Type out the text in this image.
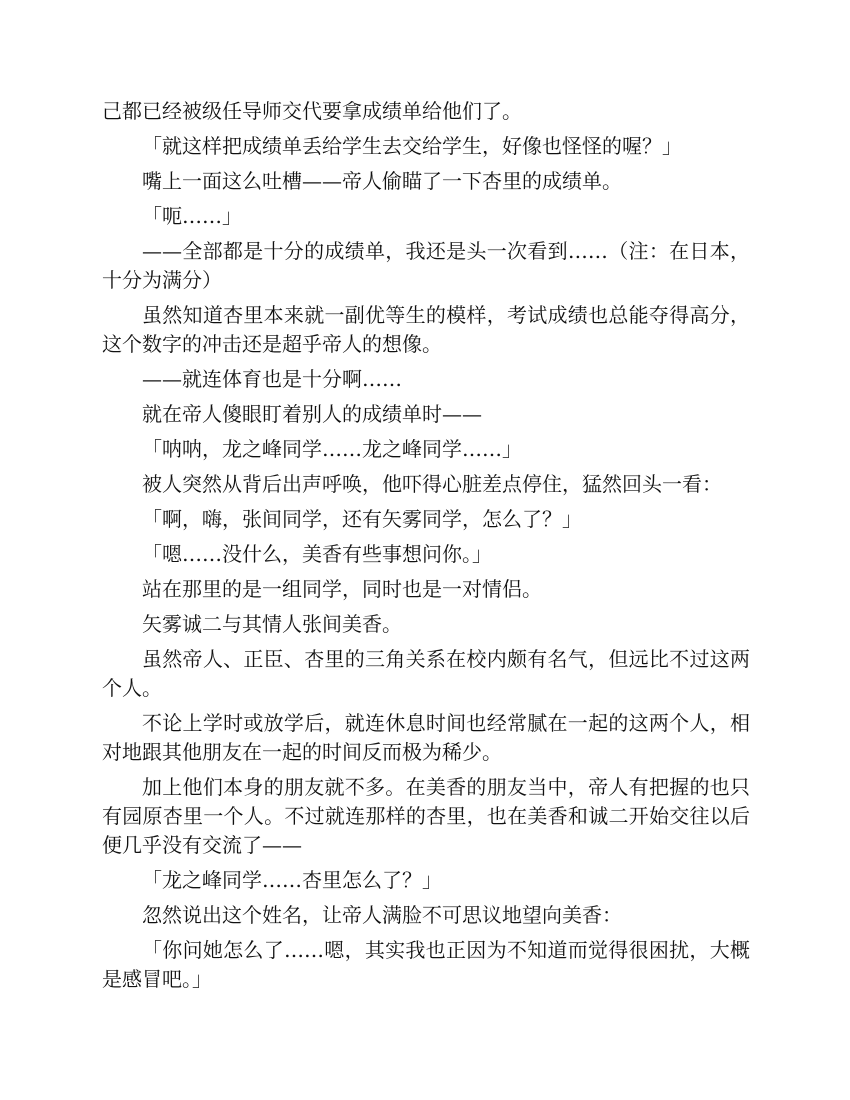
己都已经被级任导师交代要拿成绩单给他们了。

「就这样把成绩单丢给学生去交给学生，好像也怪怪的喔？」

嘴上一面这么吐槽——帝人偷瞄了一下杏里的成绩单。

「呃……」

——全部都是十分的成绩单，我还是头一次看到……（注：在日本，十分为满分）

虽然知道杏里本来就一副优等生的模样，考试成绩也总能夺得高分，这个数字的冲击还是超乎帝人的想像。

——就连体育也是十分啊……

就在帝人傻眼盯着别人的成绩单时——

「呐呐，龙之峰同学……龙之峰同学……」

被人突然从背后出声呼唤，他吓得心脏差点停住，猛然回头一看：

「啊，嗨，张间同学，还有矢雾同学，怎么了？」

「嗯……没什么，美香有些事想问你。」

站在那里的是一组同学，同时也是一对情侣。

矢雾诚二与其情人张间美香。

虽然帝人、正臣、杏里的三角关系在校内颇有名气，但远比不过这两个人。

不论上学时或放学后，就连休息时间也经常腻在一起的这两个人，相对地跟其他朋友在一起的时间反而极为稀少。

加上他们本身的朋友就不多。在美香的朋友当中，帝人有把握的也只有园原杏里一个人。不过就连那样的杏里，也在美香和诚二开始交往以后便几乎没有交流了——

「龙之峰同学……杏里怎么了？」

忽然说出这个姓名，让帝人满脸不可思议地望向美香：

「你问她怎么了……嗯，其实我也正因为不知道而觉得很困扰，大概是感冒吧。」
